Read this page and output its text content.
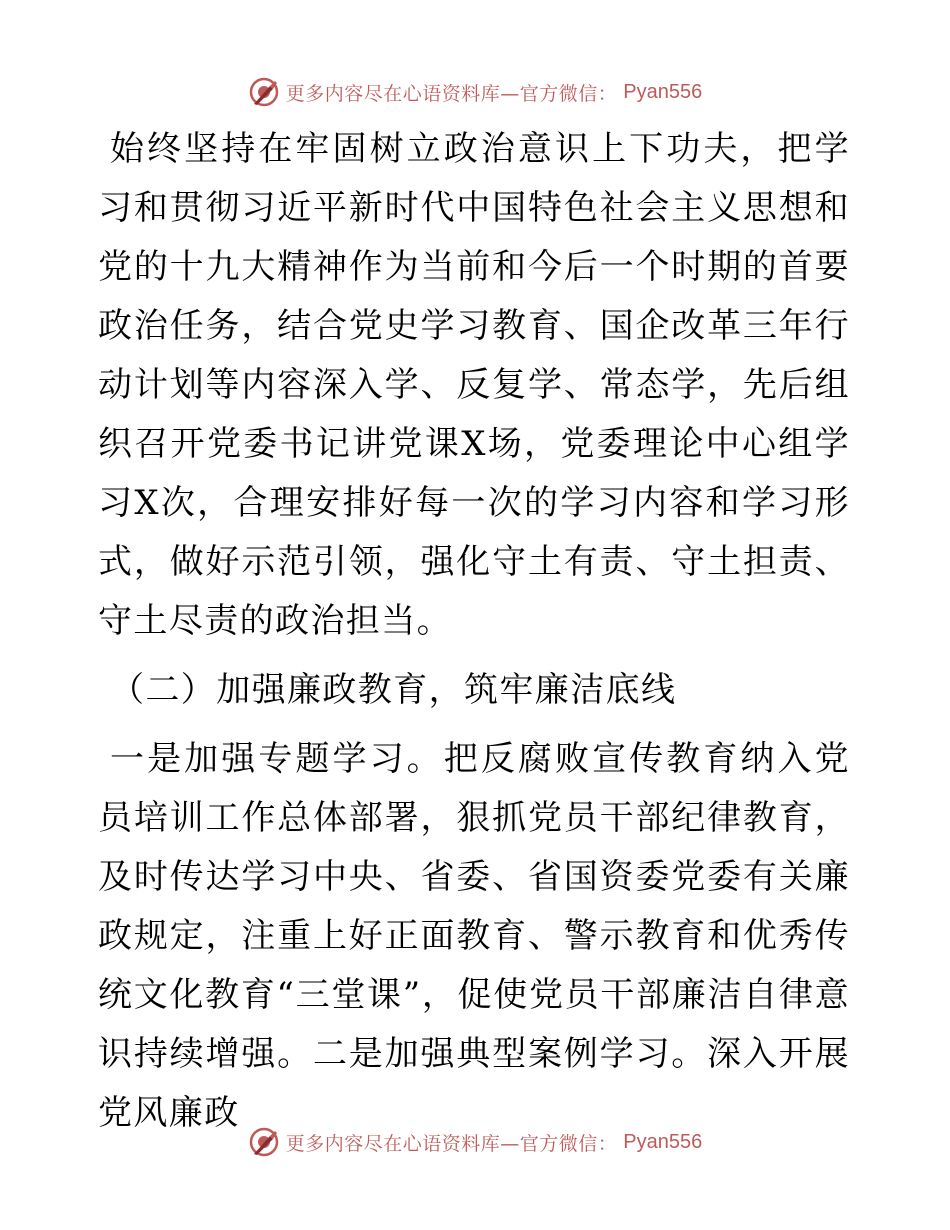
更多内容尽在心语资料库—官方微信： Pyan556

始终坚持在牢固树立政治意识上下功夫，把学习和贯彻习近平新时代中国特色社会主义思想和党的十九大精神作为当前和今后一个时期的首要政治任务，结合党史学习教育、国企改革三年行动计划等内容深入学、反复学、常态学，先后组织召开党委书记讲党课X场，党委理论中心组学习X次，合理安排好每一次的学习内容和学习形式，做好示范引领，强化守土有责、守土担责、守土尽责的政治担当。

（二）加强廉政教育，筑牢廉洁底线

一是加强专题学习。把反腐败宣传教育纳入党员培训工作总体部署，狠抓党员干部纪律教育，及时传达学习中央、省委、省国资委党委有关廉政规定，注重上好正面教育、警示教育和优秀传统文化教育“三堂课”，促使党员干部廉洁自律意识持续增强。二是加强典型案例学习。深入开展党风廉政

更多内容尽在心语资料库—官方微信： Pyan556
